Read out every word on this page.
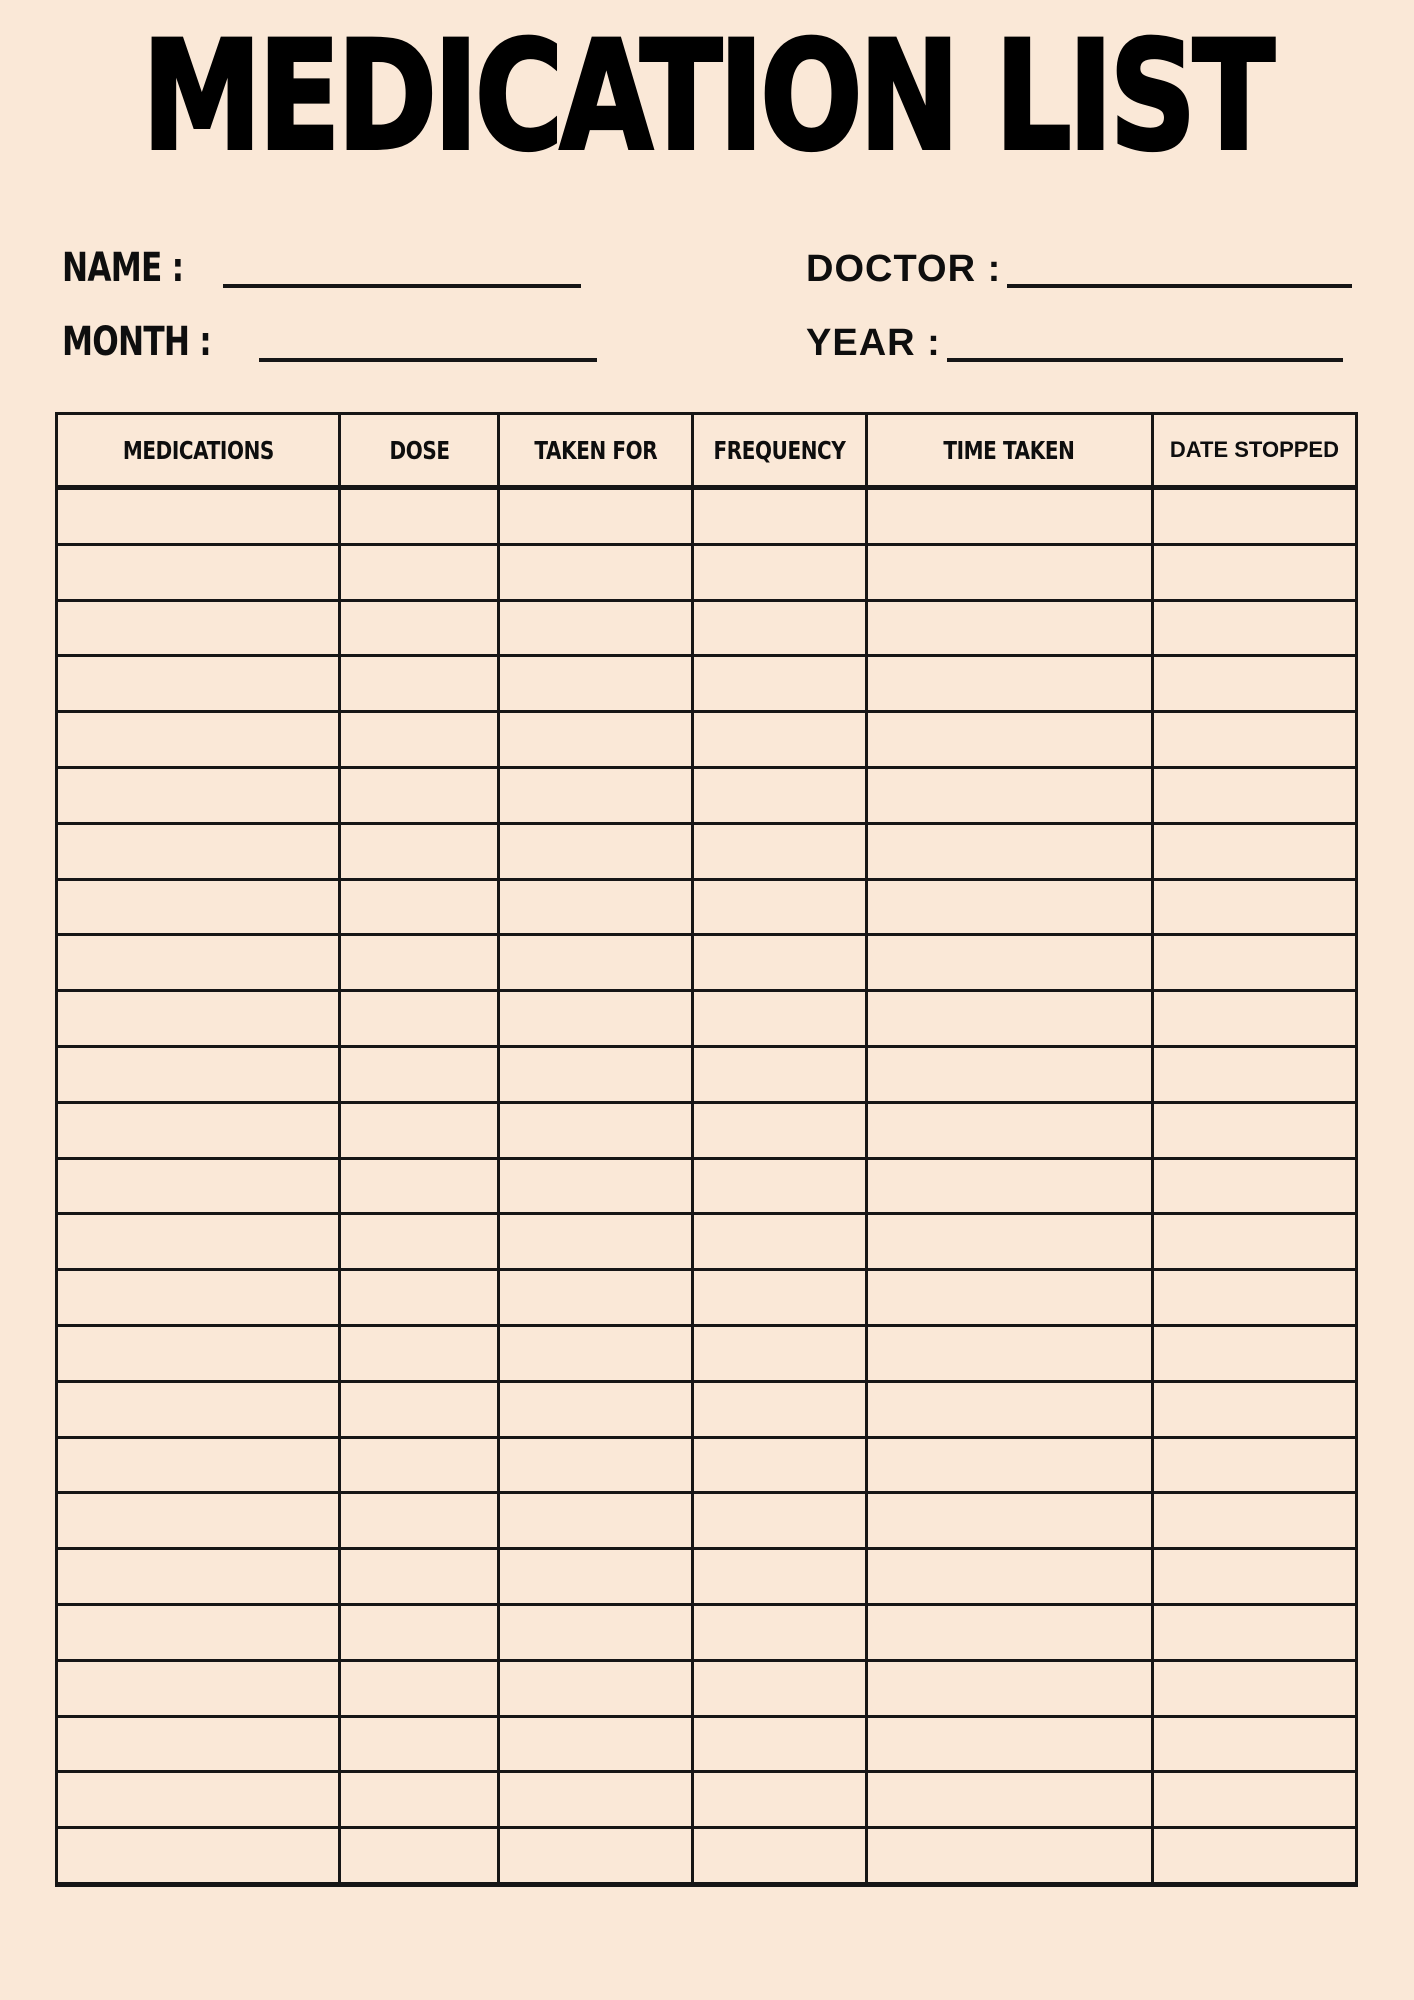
MEDICATION LIST
NAME :	DOCTOR :
MONTH :	YEAR :
MEDICATIONS	DOSE	TAKEN FOR	FREQUENCY	TIME TAKEN	DATE STOPPED
